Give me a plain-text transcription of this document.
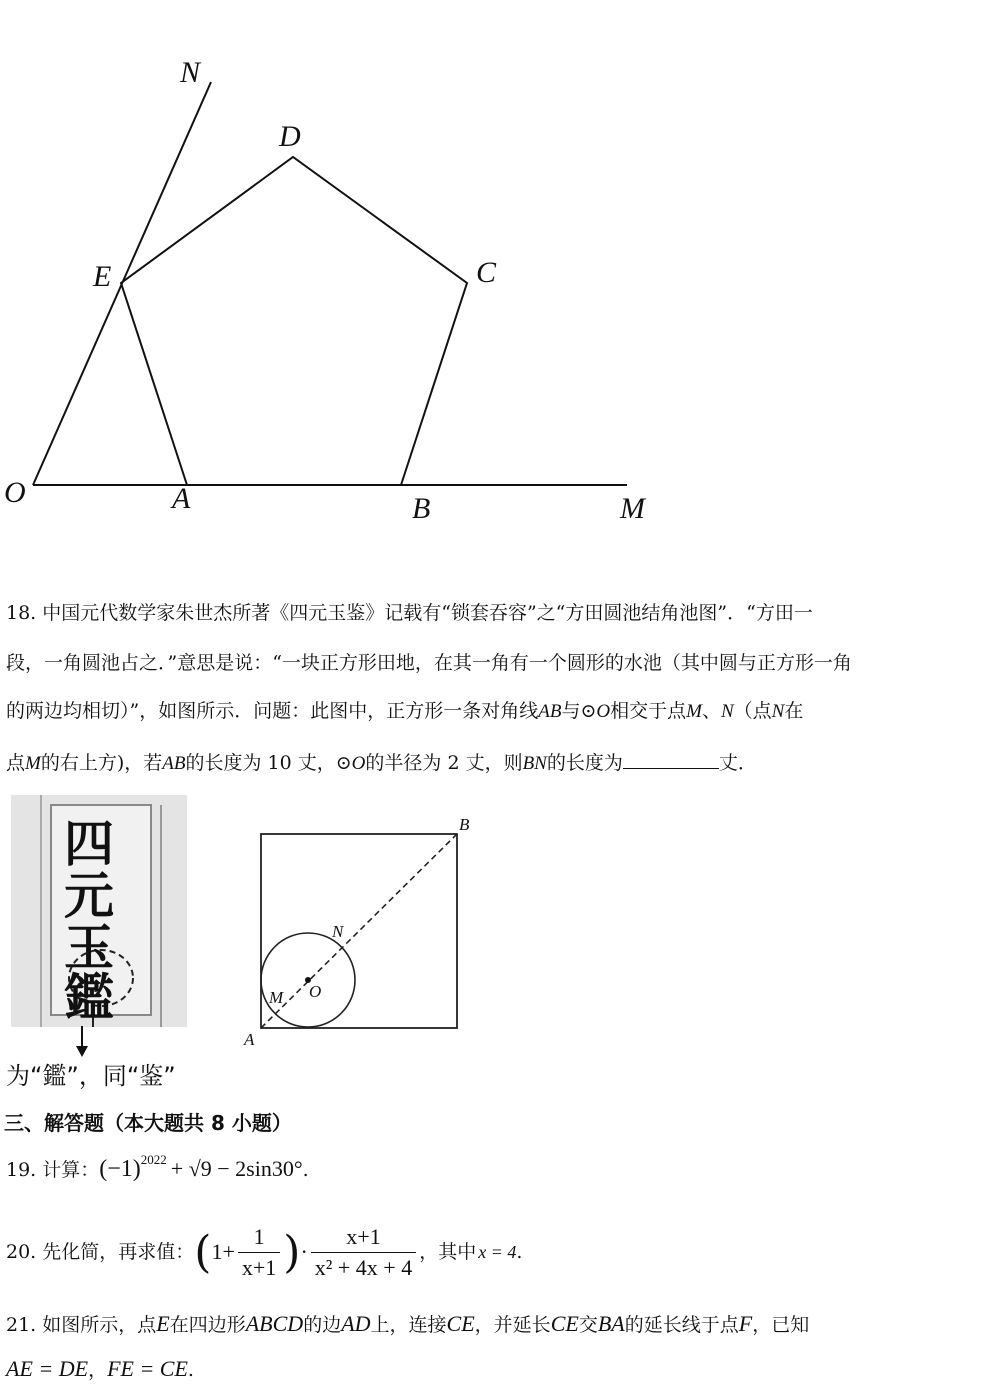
N
D
E	C
O	A	B	M
18. 中国元代数学家朱世杰所著《四元玉鉴》记载有“锁套吞容”之“方田圆池结角池图”．“方田一
段，一角圆池占之．”意思是说：“一块正方形田地，在其一角有一个圆形的水池（其中圆与正方形一角
的两边均相切）”，如图所示．问题：此图中，正方形一条对角线AB与⊙O相交于点M、N（点N在
点M的右上方)，若AB的长度为 10 丈，⊙O的半径为 2 丈，则BN的长度为	丈．
四
元
玉
鑑
为“鑑”，同“鉴”
B
N
M O
A
三、解答题（本大题共 8 小题）
19. 计算：$(-1)^{2022} + √9 - 2\sin 30^\circ$.
20. 先化简，再求值： ( $1+ \frac{1}{x+1}$ ) · $\frac{x+1}{\text{x² + 4x + 4}}$ ，其中 x = 4 .
21. 如图所示，点E在四边形ABCD的边AD上，连接CE，并延长CE交BA的延长线于点F，已知
AE = DE，FE = CE.
